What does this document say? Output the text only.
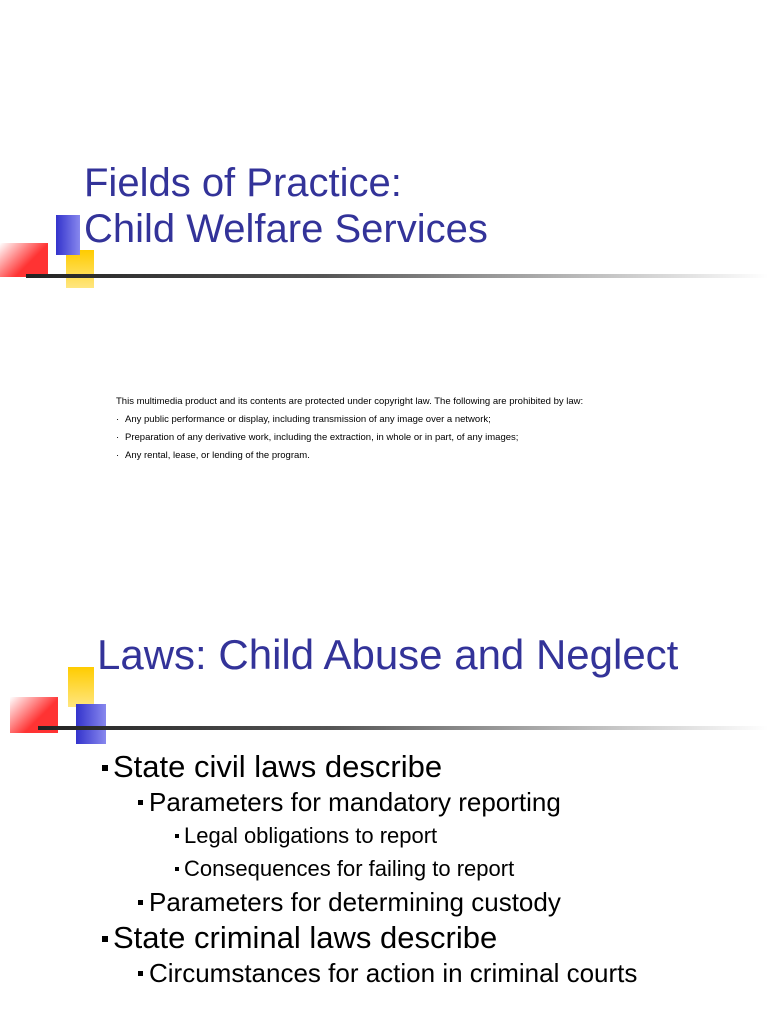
Fields of Practice:
Child Welfare Services
This multimedia product and its contents are protected under copyright law. The following are prohibited by law:
· Any public performance or display, including transmission of any image over a network;
· Preparation of any derivative work, including the extraction, in whole or in part, of any images;
· Any rental, lease, or lending of the program.
Laws: Child Abuse and Neglect
State civil laws describe
Parameters for mandatory reporting
Legal obligations to report
Consequences for failing to report
Parameters for determining custody
State criminal laws describe
Circumstances for action in criminal courts
